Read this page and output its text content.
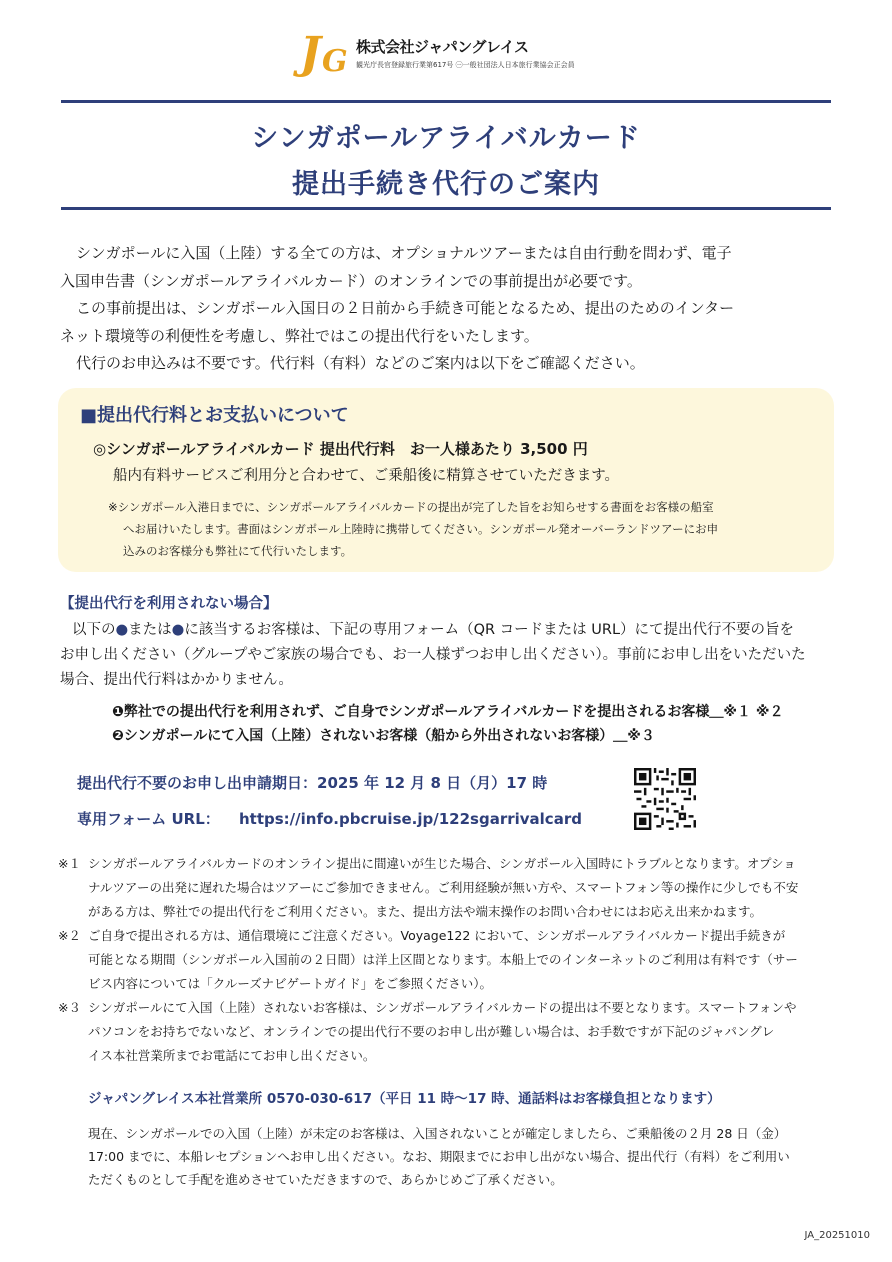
J G 株式会社ジャパングレイス
観光庁長官登録旅行業第617号 ㊀一般社団法人日本旅行業協会正会員
シンガポールアライバルカード
提出手続き代行のご案内
シンガポールに入国（上陸）する全ての方は、オプショナルツアーまたは自由行動を問わず、電子
入国申告書（シンガポールアライバルカード）のオンラインでの事前提出が必要です。
この事前提出は、シンガポール入国日の２日前から手続き可能となるため、提出のためのインター
ネット環境等の利便性を考慮し、弊社ではこの提出代行をいたします。
代行のお申込みは不要です。代行料（有料）などのご案内は以下をご確認ください。
■提出代行料とお支払いについて
◎シンガポールアライバルカード 提出代行料　お一人様あたり 3,500 円
船内有料サービスご利用分と合わせて、ご乗船後に精算させていただきます。
※シンガポール入港日までに、シンガポールアライバルカードの提出が完了した旨をお知らせする書面をお客様の船室
へお届けいたします。書面はシンガポール上陸時に携帯してください。シンガポール発オーバーランドツアーにお申
込みのお客様分も弊社にて代行いたします。
【提出代行を利用されない場合】
以下の●または●に該当するお客様は、下記の専用フォーム（QR コードまたは URL）にて提出代行不要の旨を
お申し出ください（グループやご家族の場合でも、お一人様ずつお申し出ください）。事前にお申し出をいただいた
場合、提出代行料はかかりません。
❶弊社での提出代行を利用されず、ご自身でシンガポールアライバルカードを提出されるお客様＿※１ ※２
❷シンガポールにて入国（上陸）されないお客様（船から外出されないお客様）＿※３
提出代行不要のお申し出申請期日：2025 年 12 月 8 日（月）17 時
専用フォーム URL： https://info.pbcruise.jp/122sgarrivalcard
※１ シンガポールアライバルカードのオンライン提出に間違いが生じた場合、シンガポール入国時にトラブルとなります。オプショ
ナルツアーの出発に遅れた場合はツアーにご参加できません。ご利用経験が無い方や、スマートフォン等の操作に少しでも不安
がある方は、弊社での提出代行をご利用ください。また、提出方法や端末操作のお問い合わせにはお応え出来かねます。
※２ ご自身で提出される方は、通信環境にご注意ください。Voyage122 において、シンガポールアライバルカード提出手続きが
可能となる期間（シンガポール入国前の２日間）は洋上区間となります。本船上でのインターネットのご利用は有料です（サー
ビス内容については「クルーズナビゲートガイド」をご参照ください）。
※３ シンガポールにて入国（上陸）されないお客様は、シンガポールアライバルカードの提出は不要となります。スマートフォンや
パソコンをお持ちでないなど、オンラインでの提出代行不要のお申し出が難しい場合は、お手数ですが下記のジャパングレ
イス本社営業所までお電話にてお申し出ください。
ジャパングレイス本社営業所 0570-030-617（平日 11 時〜17 時、通話料はお客様負担となります）
現在、シンガポールでの入国（上陸）が未定のお客様は、入国されないことが確定しましたら、ご乗船後の２月 28 日（金）
17:00 までに、本船レセプションへお申し出ください。なお、期限までにお申し出がない場合、提出代行（有料）をご利用い
ただくものとして手配を進めさせていただきますので、あらかじめご了承ください。
JA_20251010
